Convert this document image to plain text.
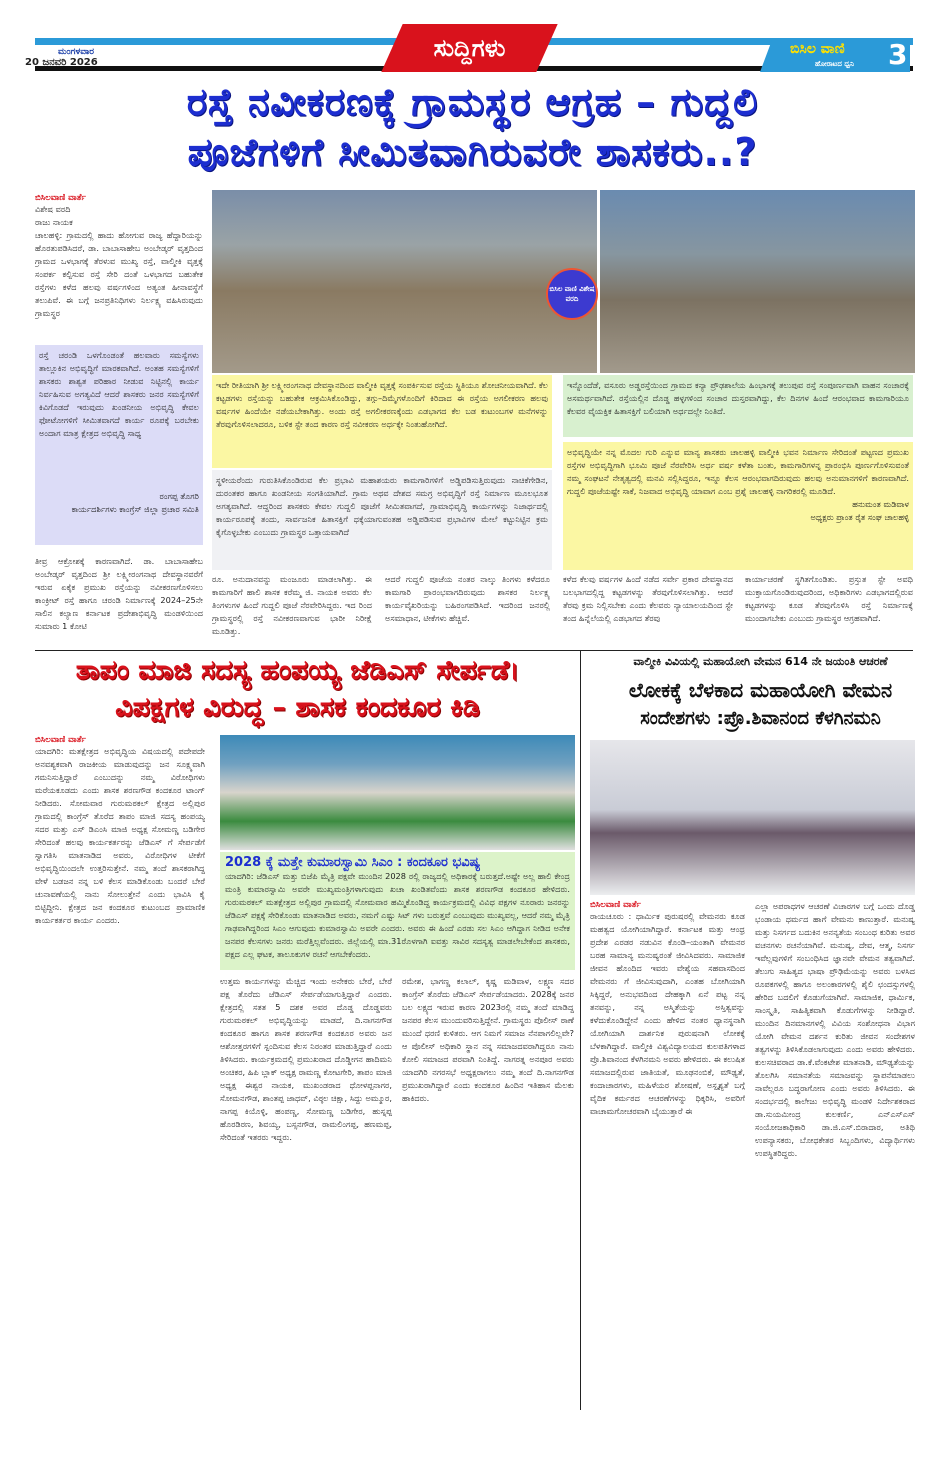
ಮಂಗಳವಾರ
20 ಜನವರಿ 2026
ಸುದ್ದಿಗಳು	ಬಿಸಿಲ ವಾಣಿ
ಹೋರಾಟದ ಧ್ವನಿ 3
ರಸ್ತೆ ನವೀಕರಣಕ್ಕೆ ಗ್ರಾಮಸ್ಥರ ಆಗ್ರಹ – ಗುದ್ದಲಿ
ಪೂಜೆಗಳಿಗೆ ಸೀಮಿತವಾಗಿರುವರೇ ಶಾಸಕರು..?
ಬಿಸಿಲವಾಣಿ ವಾರ್ತೆ
ವಿಶೇಷ ವರದಿ
ರಾಜು ನಾಯಕ
ಚಾಲಹಳ್ಳಿ: ಗ್ರಾಮದಲ್ಲಿ ಹಾದು ಹೋಗುವ ರಾಜ್ಯ ಹೆದ್ದಾರಿಯನ್ನು ಹೊರತುಪಡಿಸಿದರೆ, ಡಾ. ಬಾಬಾಸಾಹೇಬ ಅಂಬೇಡ್ಕರ್ ವೃತ್ತದಿಂದ ಗ್ರಾಮದ ಒಳಭಾಗಕ್ಕೆ ತೆರಳುವ ಮುಖ್ಯ ರಸ್ತೆ, ವಾಲ್ಮೀಕಿ ವೃತ್ತಕ್ಕೆ ಸಂಪರ್ಕ ಕಲ್ಪಿಸುವ ರಸ್ತೆ ಸೇರಿ ದಂತೆ ಒಳಭಾಗದ ಬಹುತೇಕ ರಸ್ತೆಗಳು ಕಳೆದ ಹಲವು ವರ್ಷಗಳಿಂದ ಅತ್ಯಂತ ಹೀನಾವಸ್ಥೆಗೆ ತಲುಪಿವೆ. ಈ ಬಗ್ಗೆ ಜನಪ್ರತಿನಿಧಿಗಳು ನಿರ್ಲಕ್ಷ್ಯ ವಹಿಸಿರುವುದು ಗ್ರಾಮಸ್ಥರ
ರಸ್ತೆ ಚರಂಡಿ ಒಳಗೊಂಡಂತೆ ಹಲವಾರು ಸಮಸ್ಯೆಗಳು ತಾಲ್ಲೂಕಿನ ಅಭಿವೃದ್ಧಿಗೆ ಮಾರಕವಾಗಿದೆ. ಅಂತಹ ಸಮಸ್ಯೆಗಳಿಗೆ ಶಾಸಕರು ಶಾಶ್ವತ ಪರಿಹಾರ ನೀಡುವ ನಿಟ್ಟಿನಲ್ಲಿ ಕಾರ್ಯ ನಿರ್ವಹಿಸುವ ಅಗತ್ಯವಿದೆ ಆದರೆ ಶಾಸಕರು ಜನರ ಸಮಸ್ಯೆಗಳಿಗೆ ಕಿವಿಗೊಡದೆ ಇರುವುದು ಖಂಡನೀಯ ಅಭಿವೃದ್ಧಿ ಕೇವಲ ಫೋಟೋಗಳಿಗೆ ಸೀಮಿತವಾಗದೆ ಕಾರ್ಯ ರೂಪಕ್ಕೆ ಬರಬೇಕು ಅಂದಾಗ ಮಾತ್ರ ಕ್ಷೇತ್ರದ ಅಭಿವೃದ್ಧಿ ಸಾಧ್ಯ
ರಂಗಪ್ಪ ತೊಗರಿ
ಕಾರ್ಯದರ್ಶಿಗಳು ಕಾಂಗ್ರೆಸ್ ಜಿಲ್ಲಾ ಪ್ರಚಾರ ಸಮಿತಿ
ತೀವ್ರ ಆಕ್ರೋಶಕ್ಕೆ ಕಾರಣವಾಗಿದೆ. ಡಾ. ಬಾಬಾಸಾಹೇಬ ಅಂಬೇಡ್ಕರ್ ವೃತ್ತದಿಂದ ಶ್ರೀ ಲಕ್ಷ್ಮೀರಂಗನಾಥ ದೇವಸ್ಥಾನವರೆಗೆ ಇರುವ ಏಕೈಕ ಪ್ರಮುಖ ರಸ್ತೆಯನ್ನು ನವೀಕರಣಗೊಳಿಸಲು ಕಾಂಕ್ರೀಟ್ ರಸ್ತೆ ಹಾಗೂ ಚರಂಡಿ ನಿರ್ಮಾಣಕ್ಕೆ 2024–25ನೇ ಸಾಲಿನ ಕಲ್ಯಾಣ ಕರ್ನಾಟಕ ಪ್ರದೇಶಾಭಿವೃದ್ಧಿ ಮಂಡಳಿಯಿಂದ ಸುಮಾರು 1 ಕೋಟಿ
ಬಿಸಿಲ ವಾಣಿ ವಿಶೇಷ ವರದಿ
ಇದೇ ರೀತಿಯಾಗಿ ಶ್ರೀ ಲಕ್ಷ್ಮೀರಂಗನಾಥ ದೇವಸ್ಥಾನದಿಂದ ವಾಲ್ಮೀಕಿ ವೃತ್ತಕ್ಕೆ ಸಂಪರ್ಕಿಸುವ ರಸ್ತೆಯ ಸ್ಥಿತಿಯೂ ಶೋಚನೀಯವಾಗಿದೆ. ಕೆಲ ಕಟ್ಟಡಗಳು ರಸ್ತೆಯನ್ನು ಬಹುತೇಕ ಆಕ್ರಮಿಸಿಕೊಂಡಿದ್ದು, ತಗ್ಗು–ದಿಮ್ಮೆಗಳೊಂದಿಗೆ ಕಿರಿದಾದ ಈ ರಸ್ತೆಯ ಅಗಲೀಕರಣ ಹಲವು ವರ್ಷಗಳ ಹಿಂದೆಯೇ ನಡೆಯಬೇಕಾಗಿತ್ತು. ಅಂದು ರಸ್ತೆ ಅಗಲೀಕರಣಕ್ಕೆಂದು ಎಡಭಾಗದ ಕೆಲ ಬಡ ಕುಟುಂಬಗಳ ಮನೆಗಳನ್ನು ತೆರವುಗೊಳಿಸಲಾದರೂ, ಬಳಿಕ ಸ್ಟೇ ತಂದ ಕಾರಣ ರಸ್ತೆ ನವೀಕರಣ ಅರ್ಧಕ್ಕೇ ನಿಂತುಹೋಗಿದೆ.
ಸ್ಥಳೀಯರೆಂದು ಗುರುತಿಸಿಕೊಂಡಿರುವ ಕೆಲ ಪ್ರಭಾವಿ ಮಹಾಶಯರು ಕಾಮಗಾರಿಗಳಿಗೆ ಅಡ್ಡಿಪಡಿಸುತ್ತಿರುವುದು ನಾಚಿಕೆಗೇಡಿನ, ದುರಂತಕರ ಹಾಗೂ ಖಂಡನೀಯ ಸಂಗತಿಯಾಗಿದೆ. ಗ್ರಾಮ ಅಥವ ದೇಶದ ಸಮಗ್ರ ಅಭಿವೃದ್ಧಿಗೆ ರಸ್ತೆ ನಿರ್ಮಾಣ ಮೂಲಭೂತ ಅಗತ್ಯವಾಗಿದೆ. ಆದ್ದರಿಂದ ಶಾಸಕರು ಕೇವಲ ಗುದ್ದಲಿ ಪೂಜೆಗೆ ಸೀಮಿತವಾಗದೆ, ಗ್ರಾಮಾಭಿವೃದ್ಧಿ ಕಾರ್ಯಗಳನ್ನು ನಿಜಾರ್ಥದಲ್ಲಿ ಕಾರ್ಯರೂಪಕ್ಕೆ ತಂದು, ಸಾರ್ವಜನಿಕ ಹಿತಾಸಕ್ತಿಗೆ ಧಕ್ಕೆಯಾಗುವಂತಹ ಅಡ್ಡಿಪಡಿಸುವ ಪ್ರಭಾವಿಗಳ ಮೇಲೆ ಕಟ್ಟುನಿಟ್ಟಿನ ಕ್ರಮ ಕೈಗೊಳ್ಳಬೇಕು ಎಂಬುದು ಗ್ರಾಮಸ್ಥರ ಒತ್ತಾಯವಾಗಿದೆ
ಇನ್ನೊಂದೆಡೆ, ವಸೂರು ಅಡ್ಡರಸ್ತೆಯಿಂದ ಗ್ರಾಮದ ಕನ್ಯಾ ಪ್ರೌಢಶಾಲೆಯ ಹಿಂಭಾಗಕ್ಕೆ ತಲುಪುವ ರಸ್ತೆ ಸಂಪೂರ್ಣವಾಗಿ ವಾಹನ ಸಂಚಾರಕ್ಕೆ ಅಸಮರ್ಥವಾಗಿದೆ. ರಸ್ತೆಯಲ್ಲಿನ ದೊಡ್ಡ ಹಳ್ಳಗಳಿಂದ ಸಂಚಾರ ದುಸ್ತರವಾಗಿದ್ದು, ಕೆಲ ದಿನಗಳ ಹಿಂದೆ ಆರಂಭವಾದ ಕಾಮಗಾರಿಯೂ ಕೆಲವರ ವೈಯಕ್ತಿಕ ಹಿತಾಸಕ್ತಿಗೆ ಬಲಿಯಾಗಿ ಅರ್ಧದಲ್ಲೇ ನಿಂತಿದೆ.
ಅಭಿವೃದ್ಧಿಯೇ ನನ್ನ ಮೊದಲ ಗುರಿ ಎನ್ನುವ ಮಾನ್ಯ ಶಾಸಕರು ಚಾಲಹಳ್ಳಿ ವಾಲ್ಮೀಕಿ ಭವನ ನಿರ್ಮಾಣ ಸೇರಿದಂತೆ ಪಟ್ಟಣದ ಪ್ರಮುಖ ರಸ್ತೆಗಳ ಅಭಿವೃದ್ಧಿಗಾಗಿ ಭೂಮಿ ಪೂಜೆ ನೆರವೇರಿಸಿ ಅರ್ಧ ವರ್ಷ ಕಳೆತಾ ಬಂತು, ಕಾಮಗಾರಿಗಳನ್ನ ಪ್ರಾರಂಭಿಸಿ ಪೂರ್ಣಗೊಳಿಸುವಂತೆ ನಮ್ಮ ಸಂಘಟನೆ ನೇತೃತ್ವದಲ್ಲಿ ಮನವಿ ಸಲ್ಲಿಸಿದ್ದರೂ, ಇನ್ನೂ ಕೆಲಸ ಆರಂಭವಾಗದಿರುವುದು ಹಲವು ಅನುಮಾನಗಳಿಗೆ ಕಾರಣವಾಗಿದೆ. ಗುದ್ದಲಿ ಪೂಜೆಯಷ್ಟೇ ಸಾಕೆ, ನಿಜವಾದ ಅಭಿವೃದ್ಧಿ ಯಾವಾಗ ಎಂಬ ಪ್ರಶ್ನೆ ಚಾಲಹಳ್ಳಿ ನಾಗರಿಕರಲ್ಲಿ ಮೂಡಿದೆ.
ಹನುಮಂತ ಮಡಿವಾಳ
ಅಧ್ಯಕ್ಷರು ಪ್ರಾಂತ ರೈತ ಸಂಘ ಚಾಲಹಳ್ಳಿ
ರೂ. ಅನುದಾನವನ್ನು ಮಂಜೂರು ಮಾಡಲಾಗಿತ್ತು. ಈ ಕಾಮಗಾರಿಗೆ ಹಾಲಿ ಶಾಸಕ ಕರೆಮ್ಮ ಜಿ. ನಾಯಕ ಅವರು ಕೆಲ ತಿಂಗಳುಗಳ ಹಿಂದೆ ಗುದ್ದಲಿ ಪೂಜೆ ನೆರವೇರಿಸಿದ್ದರು. ಇದ ರಿಂದ ಗ್ರಾಮಸ್ಥರಲ್ಲಿ ರಸ್ತೆ ನವೀಕರಣವಾಗುವ ಭಾರೀ ನಿರೀಕ್ಷೆ ಮೂಡಿತ್ತು.
ಆದರೆ ಗುದ್ದಲಿ ಪೂಜೆಯ ನಂತರ ನಾಲ್ಕು ತಿಂಗಳು ಕಳೆದರೂ ಕಾಮಗಾರಿ ಪ್ರಾರಂಭವಾಗದಿರುವುದು ಶಾಸಕರ ನಿರ್ಲಕ್ಷ್ಯ ಕಾರ್ಯವೈಖರಿಯನ್ನು ಬಹಿರಂಗಪಡಿಸಿದೆ. ಇದರಿಂದ ಜನರಲ್ಲಿ ಅಸಮಾಧಾನ, ಟೀಕೆಗಳು ಹೆಚ್ಚಿವೆ.
ಕಳೆದ ಕೆಲವು ವರ್ಷಗಳ ಹಿಂದೆ ನಡೆದ ಸರ್ವೇ ಪ್ರಕಾರ ದೇವಸ್ಥಾನದ ಬಲಭಾಗದಲ್ಲಿದ್ದ ಕಟ್ಟಡಗಳನ್ನು ತೆರವುಗೊಳಿಸಲಾಗಿತ್ತು. ಆದರೆ ತೆರವು ಕ್ರಮ ನಿಲ್ಲಿಸಬೇಕು ಎಂದು ಕೆಲವರು ನ್ಯಾಯಾಲಯದಿಂದ ಸ್ಟೇ ತಂದ ಹಿನ್ನೆಲೆಯಲ್ಲಿ ಎಡಭಾಗದ ತೆರವು
ಕಾರ್ಯಾಚರಣೆ ಸ್ಥಗಿತಗೊಂಡಿತು. ಪ್ರಸ್ತುತ ಸ್ಟೇ ಅವಧಿ ಮುಕ್ತಾಯಗೊಂಡಿರುವುದರಿಂದ, ಅಧಿಕಾರಿಗಳು ಎಡಭಾಗದಲ್ಲಿರುವ ಕಟ್ಟಡಗಳನ್ನು ಕೂಡ ತೆರವುಗೊಳಿಸಿ ರಸ್ತೆ ನಿರ್ಮಾಣಕ್ಕೆ ಮುಂದಾಗಬೇಕು ಎಂಬುದು ಗ್ರಾಮಸ್ಥರ ಆಗ್ರಹವಾಗಿದೆ.
ತಾಪಂ ಮಾಜಿ ಸದಸ್ಯ ಹಂಪಯ್ಯ ಜೆಡಿಎಸ್ ಸೇರ್ಪಡೆ।
ವಿಪಕ್ಷಗಳ ವಿರುದ್ಧ – ಶಾಸಕ ಕಂದಕೂರ ಕಿಡಿ
ಬಿಸಿಲವಾಣಿ ವಾರ್ತೆ
ಯಾದಗಿರಿ: ಮತಕ್ಷೇತ್ರದ ಅಭಿವೃದ್ಧಿಯ ವಿಷಯದಲ್ಲಿ ಪದೇಪದೇ ಅನವಶ್ಯಕವಾಗಿ ರಾಜಕೀಯ ಮಾಡುವುದನ್ನು ಜನ ಸೂಕ್ಷ್ಮವಾಗಿ ಗಮನಿಸುತ್ತಿದ್ದಾರೆ ಎಂಬುದನ್ನು ನಮ್ಮ ವಿರೋಧಿಗಳು ಮರೆಯಕೂಡದು ಎಂದು ಶಾಸಕ ಶರಣಗೌಡ ಕಂದಕೂರ ಟಾಂಗ್ ನೀಡಿದರು. ಸೋಮವಾರ ಗುರುಮಠಕಲ್ ಕ್ಷೇತ್ರದ ಅಲ್ಲಿಪುರ ಗ್ರಾಮದಲ್ಲಿ ಕಾಂಗ್ರೆಸ್ ತೊರೆದ ತಾಪಂ ಮಾಜಿ ಸದಸ್ಯ ಹಂಪಯ್ಯ ಸದರ ಮತ್ತು ಎಸ್ ಡಿಎಂಸಿ ಮಾಜಿ ಅಧ್ಯಕ್ಷ ಸೋಮಣ್ಣ ಬಡಿಗೇರ ಸೇರಿದಂತೆ ಹಲವು ಕಾರ್ಯಕರ್ತರನ್ನು ಜೆಡಿಎಸ್ ಗೆ ಸೇರ್ಪಡೆಗೆ ಸ್ವಾಗತಿಸಿ ಮಾತನಾಡಿದ ಅವರು, ವಿರೋಧಿಗಳ ಟೀಕೆಗೆ ಅಭಿವೃದ್ಧಿಯಿಂದಲೇ ಉತ್ತರಿಸುತ್ತೇನೆ. ನಮ್ಮ ತಂದೆ ಶಾಸಕರಾಗಿದ್ದ ವೇಳೆ ಬಡಜನ ನನ್ನ ಬಳಿ ಕೆಲಸ ಮಾಡಿಕೊಂಡು ಬಂದರೆ ಬೇರೆ ಚುನಾವಣೆಯಲ್ಲಿ ನಾನು ಸೋಲುತ್ತೇನೆ ಎಂದು ಭಾವಿಸಿ ಕೈ ಬಿಟ್ಟಿದ್ದೀನಿ. ಕ್ಷೇತ್ರದ ಜನ ಕಂದಕೂರ ಕುಟುಂಬದ ಪ್ರಾಮಾಣಿಕ ಕಾರ್ಯಕರ್ತರ ಕಾರ್ಯ ಎಂದರು.
2028 ಕ್ಕೆ ಮತ್ತೇ ಕುಮಾರಸ್ವಾಮಿ ಸಿಎಂ : ಕಂದಕೂರ ಭವಿಷ್ಯ
ಯಾದಗಿರಿ: ಜೆಡಿಎಸ್ ಮತ್ತು ಬಿಜೆಪಿ ಮೈತ್ರಿ ಪಕ್ಷವೇ ಮುಂದಿನ 2028 ರಲ್ಲಿ ರಾಜ್ಯದಲ್ಲಿ ಅಧಿಕಾರಕ್ಕೆ ಬರುತ್ತದೆ.ಅಷ್ಟೇ ಅಲ್ಲ ಹಾಲಿ ಕೇಂದ್ರ ಮಂತ್ರಿ ಕುಮಾರಸ್ವಾಮಿ ಅವರೇ ಮುಖ್ಯಮಂತ್ರಿಗಳಾಗುವುದು ಖಚಾ ಖಂಡಿತವೆಂದು ಶಾಸಕ ಶರಣಗೌಡ ಕಂದಕೂರ ಹೇಳಿದರು. ಗುರುಮಠಕಲ್ ಮತಕ್ಷೇತ್ರದ ಅಲ್ಲಿಪುರ ಗ್ರಾಮದಲ್ಲಿ ಸೋಮವಾರ ಹಮ್ಮಿಕೊಂಡಿದ್ದ ಕಾರ್ಯಕ್ರಮದಲ್ಲಿ ವಿವಿಧ ಪಕ್ಷಗಳ ನೂರಾರು ಜನರನ್ನು ಜೆಡಿಎಸ್ ಪಕ್ಷಕ್ಕೆ ಸೇರಿಕೊಂಡು ಮಾತನಾಡಿದ ಅವರು, ನಮಗೆ ಎಷ್ಟು ಸಿಟ್ ಗಳು ಬರುತ್ತವೆ ಎಂಬುವುದು ಮುಖ್ಯವಲ್ಲ, ಆದರೆ ನಮ್ಮ ಮೈತ್ರಿ ಗಾಢವಾಗಿದ್ದರಿಂದ ಸಿಎಂ ಆಗುವುದು ಕುಮಾರಸ್ವಾಮಿ ಅವರೇ ಎಂದರು. ಅವರು ಈ ಹಿಂದೆ ಎರಡು ಸಲ ಸಿಎಂ ಆಗಿದ್ದಾಗ ನೀಡಿದ ಅನೇಕ ಜನಪರ ಕೆಲಸಗಳು ಜನರು ಮರೆತ್ತಿಲ್ಲವೆಂದರು. ಜಿಲ್ಲೆಯಲ್ಲಿ ಮಾ.31ರೊಳಗಾಗಿ ಐವತ್ತು ಸಾವಿರ ಸದಸ್ಯತ್ವ ಮಾಡಲೇಬೇಕೆಂದ ಶಾಸಕರು, ಪಕ್ಷದ ಎಲ್ಲ ಘಟಕ, ತಾಲೂಕುಗಳ ರಚನೆ ಆಗಬೇಕೆಂದರು.
ಉತ್ತಮ ಕಾರ್ಯಗಳನ್ನು ಮೆಚ್ಚಿದ ಇಂದು ಅನೇಕರು ಬೇರೆ, ಬೇರೆ ಪಕ್ಷ ತೊರೆದು ಜೆಡಿಎಸ್ ಸೇರ್ಪಡೆಯಾಗುತ್ತಿದ್ದಾರೆ ಎಂದರು. ಕ್ಷೇತ್ರದಲ್ಲಿ ಸತತ 5 ದಶಕ ಅವರ ದೊಡ್ಡ ದೊಡ್ಡವರು ಗುರುಮಠಕಲ್ ಅಭಿವೃದ್ಧಿಯನ್ನು ಮಾಡದೆ, ದಿ.ನಾಗನಗೌಡ ಕಂದಕೂರ ಹಾಗೂ ಶಾಸಕ ಶರಣಗೌಡ ಕಂದಕೂರ ಅವರು ಜನ ಆಶೋತ್ತರಗಳಿಗೆ ಸ್ಪಂದಿಸುವ ಕೆಲಸ ನಿರಂತರ ಮಾಡುತ್ತಿದ್ದಾರೆ ಎಂದು ತಿಳಿಸಿದರು. ಕಾರ್ಯಕ್ರಮದಲ್ಲಿ ಪ್ರಮುಖರಾದ ದೊಡ್ಡೀಗನ ಹಾದಿಮನಿ ಅಂಚಿಕರ, ಹಿಪಿ ಬ್ಲಾಕ್ ಅಧ್ಯಕ್ಷ ರಾಮಣ್ಣ ಕೋಟಗೇರಿ, ತಾಪಂ ಮಾಜಿ ಅಧ್ಯಕ್ಷ ಈಶ್ವರ ನಾಯಕ, ಮುಖಂಡರಾದ ಧೋಳಪ್ಪನಾಗರ, ಸೋಮನಗೌಡ, ಶಾಂತಪ್ಪ ಜಾಧವ್, ವಿಠ್ಠಲ ಚಿಕ್ಷಾ, ಸಿದ್ದು ಅಮ್ಮೂರ, ನಾಗಪ್ಪ ಕಿಯೊಳ್ಳಿ, ಹಂಪಣ್ಣ, ಸೋಮಣ್ಣ ಬಡಿಗೇರ, ಹುಸ್ನಪ್ಪ ಹೊರಡಿರಣ, ಶಿವಯ್ಯ, ಬಸ್ಸನಗೌಡ, ರಾಮಲಿಂಗಪ್ಪ, ಹಣಮಪ್ಪ, ಸೇರಿದಂತೆ ಇತರರು ಇದ್ದರು.
ರಮೇಶ, ಭಾಗಣ್ಣ ಕಲಾಲ್, ಕೃಷ್ಣ ಮಡಿವಾಳ, ಲಕ್ಷ್ಮಣ ಸದರ ಕಾಂಗ್ರೆಸ್ ತೊರೆದು ಜೆಡಿಎಸ್ ಸೇರ್ಪಡೆಯಾದರು. 2028ಕ್ಕೆ ಜನರ ಬಲ ಲಕ್ಷ್ಯದ ಇರುವ ಕಾರಣ 2023ರಲ್ಲಿ ನಮ್ಮ ತಂದೆ ಮಾಡಿದ್ದ ಜನಪರ ಕೆಲಸ ಮುಂದುವರಿಸುತ್ತಿದ್ದೇನೆ. ಗ್ರಾಮಸ್ಥರು ಪೊಲೀಸ್ ಠಾಣೆ ಮುಂದೆ ಧರಣಿ ಕುಳಿತರು. ಆಗ ನಿಮಗೆ ಸಮಾಜ ನೆನಪಾಗಲಿಲ್ಲವೇ? ಆ ಪೊಲೀಸ್ ಅಧಿಕಾರಿ ಸ್ಥಾನ ನನ್ನ ಸಮಾಜದವರಾಗಿದ್ದರೂ ನಾನು ಕೋಲಿ ಸಮಾಜದ ಪರವಾಗಿ ನಿಂತಿದ್ದೆ. ನಾಗರತ್ನ ಅನಪೂರ ಅವರು ಯಾದಗಿರಿ ನಗರಸಭೆ ಅಧ್ಯಕ್ಷರಾಗಲು ನಮ್ಮ ತಂದೆ ದಿ.ನಾಗನಗೌಡ ಪ್ರಮುಖರಾಗಿದ್ದಾರೆ ಎಂದು ಕಂದಕೂರ ಹಿಂದಿನ ಇತಿಹಾಸ ಮೆಲಕು ಹಾಕಿದರು.
ವಾಲ್ಮೀಕಿ ವಿವಿಯಲ್ಲಿ ಮಹಾಯೋಗಿ ವೇಮನ 614 ನೇ ಜಯಂತಿ ಆಚರಣೆ
ಲೋಕಕ್ಕೆ ಬೆಳಕಾದ ಮಹಾಯೋಗಿ ವೇಮನ
ಸಂದೇಶಗಳು :ಪ್ರೊ.ಶಿವಾನಂದ ಕೆಳಗಿನಮನಿ
ಬಿಸಿಲವಾಣಿ ವಾರ್ತೆ
ರಾಯಚೂರು : ಧಾರ್ಮಿಕ ಪುರುಷರಲ್ಲಿ ವೇಮನರು ಕೂಡ ಮಹತ್ವದ ಯೋಗಿಯಾಗಿದ್ದಾರೆ. ಕರ್ನಾಟಕ ಮತ್ತು ಆಂಧ್ರ ಪ್ರದೇಶ ಎರಡರ ನಡುವಿನ ಕೊಂಡಿ–ಯಂತಾಗಿ ವೇಮನರ ಬರಹ ಸಾಮಾನ್ಯ ಮನುಷ್ಯರಂತೆ ಜೀವಿಸಿದವರು. ಸಾಮಾಜಿಕ ಜೀವನ ಹೊಂದಿದ ಇವರು ವೇಶ್ಯೆಯ ಸಹವಾಸದಿಂದ ವೇಮನರು ಗೆ ಜೀವಿಸುವುದಾಗಿ, ಎಂತಹ ಬೋಗಿಯಾಗಿ ಸಿಕ್ಕಿದ್ದರೆ, ಅನುಭವದಿಂದ ದೇಹಕ್ಕಾಗಿ ಏನೆ ಪಟ್ಟ ನನ್ನ ತನವನ್ನು, ನನ್ನ ಅಸ್ಮಿತೆಯನ್ನು ಅಸ್ತಿತ್ವವನ್ನು ಕಳೆದುಕೊಂಡಿದ್ದೇನೆ ಎಂದು ಹೇಳಿದ ನಂತರ ಧ್ಯಾನಸ್ಥನಾಗಿ ಯೋಗಿಯಾಗಿ ದಾರ್ಶನಿಕ ಪುರುಷನಾಗಿ ಲೋಕಕ್ಕೆ ಬೆಳಕಾಗಿದ್ದಾರೆ. ವಾಲ್ಮೀಕಿ ವಿಶ್ವವಿದ್ಯಾಲಯದ ಕುಲಪತಿಗಳಾದ ಪ್ರೊ.ಶಿವಾನಂದ ಕೆಳಗಿನಮನಿ ಅವರು ಹೇಳಿದರು. ಈ ಕಲುಷಿತ ಸಮಾಜದಲ್ಲಿರುವ ಜಾತಿಯತೆ, ಮೂಢನಂಬಿಕೆ, ಮೌಢ್ಯತೆ, ಕಂದಾಚಾರಗಳು, ಮಹಿಳೆಯರ ಶೋಷಣೆ, ಅಸ್ಪೃಶ್ಯತೆ ಬಗ್ಗೆ ವೈದಿಕ ಕರ್ಮಠದ ಆಚರಣೆಗಳನ್ನು ಧಿಕ್ಕರಿಸಿ, ಅವರಿಗೆ ವಾಚಾಮಗೋಚರವಾಗಿ ಬೈಯುತ್ತಾರೆ ಈ
ಎಲ್ಲಾ ಅಪರಾಧಗಳ ಆಚರಣೆ ವಿಚಾರಗಳ ಬಗ್ಗೆ ಒಂದು ದೊಡ್ಡ ಭಂಡಾಯ ಧರ್ಮದ ಹಾಗೆ ವೇಮನು ಕಾಣುತ್ತಾರೆ. ಮನುಷ್ಯ ಮತ್ತು ನಿಸರ್ಗದ ಬದುಕಿನ ಅನನ್ಯತೆಯ ಸಂಬಂಧ ಕುರಿತು ಅವರ ವಚನಗಳು ರಚನೆಯಾಗಿವೆ. ಮನುಷ್ಯ, ದೇವ, ಆತ್ಮ, ನಿಸರ್ಗ ಇವೆಲ್ಲವುಗಳಿಗೆ ಸಂಬಂಧಿಸಿದ ಜ್ಞಾನವೇ ವೇಮನ ತತ್ವವಾಗಿದೆ. ತೆಲುಗು ಸಾಹಿತ್ಯದ ಭಾಷಾ ಪ್ರೌಢಿಮೆಯನ್ನು ಅವರು ಬಳಸಿದ ರೂಪಕಗಳಲ್ಲಿ ಹಾಗೂ ಅಲಂಕಾರಗಳಲ್ಲಿ ಶೈಲಿ ಛಂದಸ್ಸುಗಳಲ್ಲಿ ಹೇರಿದ ಬದಲಿಗೆ ಕೊಡುಗೆಯಾಗಿವೆ. ಸಾಮಾಜಿಕ, ಧಾರ್ಮಿಕ, ಸಾಂಸ್ಕೃತಿ, ಸಾಹಿತ್ಯಿಕವಾಗಿ ಕೊಡುಗೆಗಳನ್ನು ನೀಡಿದ್ದಾರೆ. ಮುಂದಿನ ದಿನಮಾನಗಳಲ್ಲಿ ವಿವಿಯ ಸಂಶೋಧನಾ ವಿಭಾಗ ಯೋಗಿ ವೇಮನ ದರ್ಶನ ಕುರಿತು ಜೀವನ ಸಂದೇಶಗಳ ತತ್ವಗಳನ್ನು ತಿಳಿಸಿಕೊಡಲಾಗುವುದು ಎಂದು ಅವರು ಹೇಳಿದರು. ಕುಲಸಚಿವರಾದ ಡಾ.ಕೆ.ವೆಂಕಟೇಶ ಮಾತನಾಡಿ, ಮೌಢ್ಯತೆಯನ್ನು ತೊಲಗಿಸಿ ಸಮಾನತೆಯ ಸಮಾಜವನ್ನು ಸ್ಥಾಪನೆಮಾಡಲು ನಾವೆಲ್ಲರೂ ಬದ್ಧರಾಗೋಣ ಎಂದು ಅವರು ತಿಳಿಸಿದರು. ಈ ಸಂದರ್ಭದಲ್ಲಿ ಕಾಲೇಜು ಅಭಿವೃದ್ಧಿ ಮಂಡಳಿ ನಿರ್ದೇಶಕರಾದ ಡಾ.ಸುಯಮೀಂದ್ರ ಕುಲಕರ್ಣಿ, ಎನ್ಎಸ್ಎಸ್ ಸಂಯೋಜಕಾಧಿಕಾರಿ ಡಾ.ಜಿ.ಎಸ್.ಬಿರಾದಾರ, ಅತಿಥಿ ಉಪನ್ಯಾಸಕರು, ಬೋಧಕೇತರ ಸಿಬ್ಬಂದಿಗಳು, ವಿದ್ಯಾರ್ಥಿಗಳು ಉಪಸ್ಥಿತರಿದ್ದರು.
